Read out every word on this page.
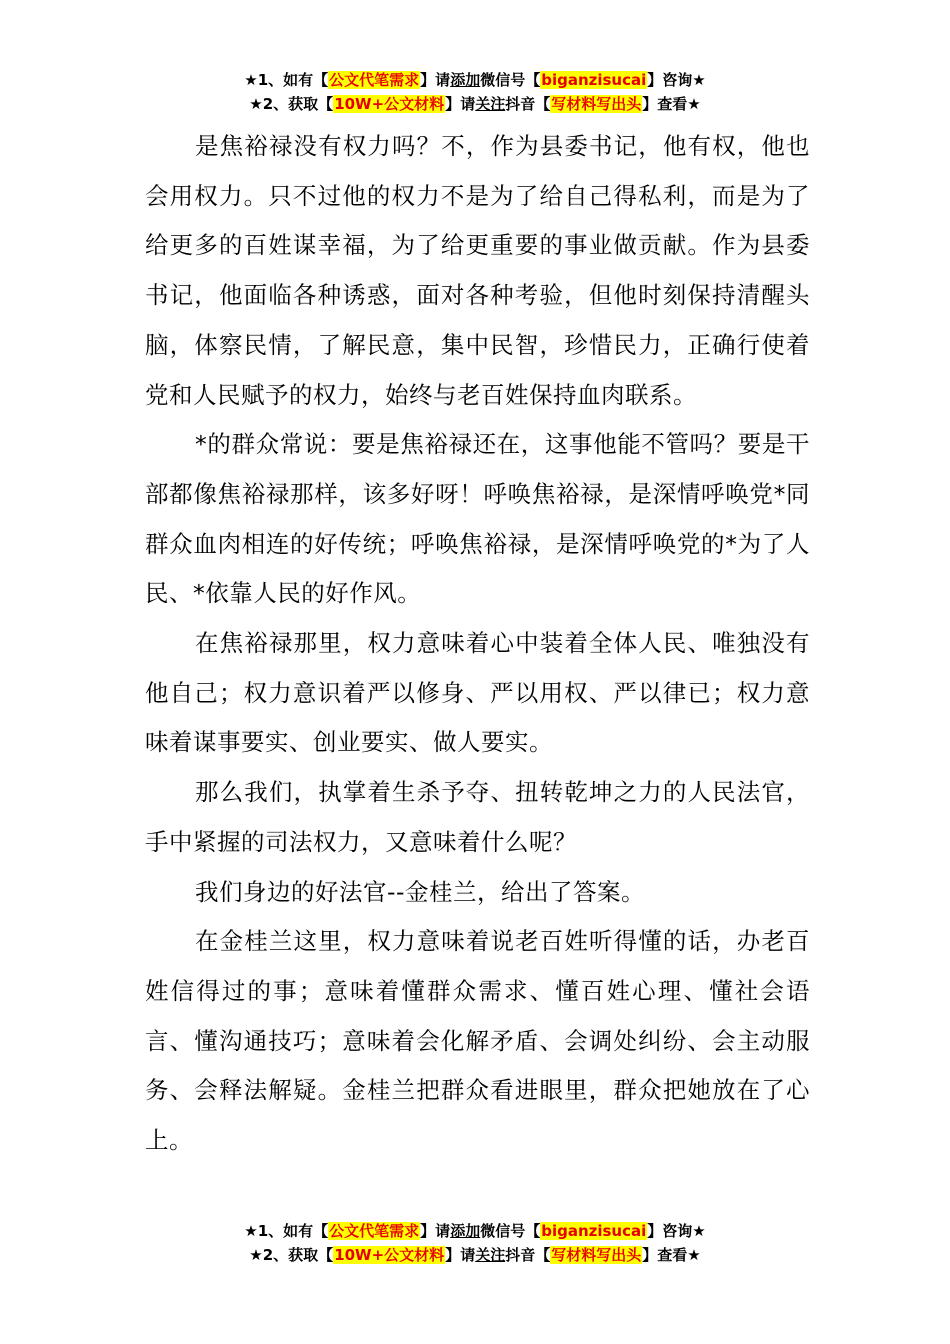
★1、如有【公文代笔需求】请添加微信号【biganzisucai】咨询★
★2、获取【10W+公文材料】请关注抖音【写材料写出头】查看★

是焦裕禄没有权力吗？不，作为县委书记，他有权，他也会用权力。只不过他的权力不是为了给自己得私利，而是为了给更多的百姓谋幸福，为了给更重要的事业做贡献。作为县委书记，他面临各种诱惑，面对各种考验，但他时刻保持清醒头脑，体察民情，了解民意，集中民智，珍惜民力，正确行使着党和人民赋予的权力，始终与老百姓保持血肉联系。

*的群众常说：要是焦裕禄还在，这事他能不管吗？要是干部都像焦裕禄那样，该多好呀！呼唤焦裕禄，是深情呼唤党*同群众血肉相连的好传统；呼唤焦裕禄，是深情呼唤党的*为了人民、*依靠人民的好作风。

在焦裕禄那里，权力意味着心中装着全体人民、唯独没有他自己；权力意识着严以修身、严以用权、严以律已；权力意味着谋事要实、创业要实、做人要实。

那么我们，执掌着生杀予夺、扭转乾坤之力的人民法官，手中紧握的司法权力，又意味着什么呢？

我们身边的好法官--金桂兰，给出了答案。

在金桂兰这里，权力意味着说老百姓听得懂的话，办老百姓信得过的事；意味着懂群众需求、懂百姓心理、懂社会语言、懂沟通技巧；意味着会化解矛盾、会调处纠纷、会主动服务、会释法解疑。金桂兰把群众看进眼里，群众把她放在了心上。

★1、如有【公文代笔需求】请添加微信号【biganzisucai】咨询★
★2、获取【10W+公文材料】请关注抖音【写材料写出头】查看★
